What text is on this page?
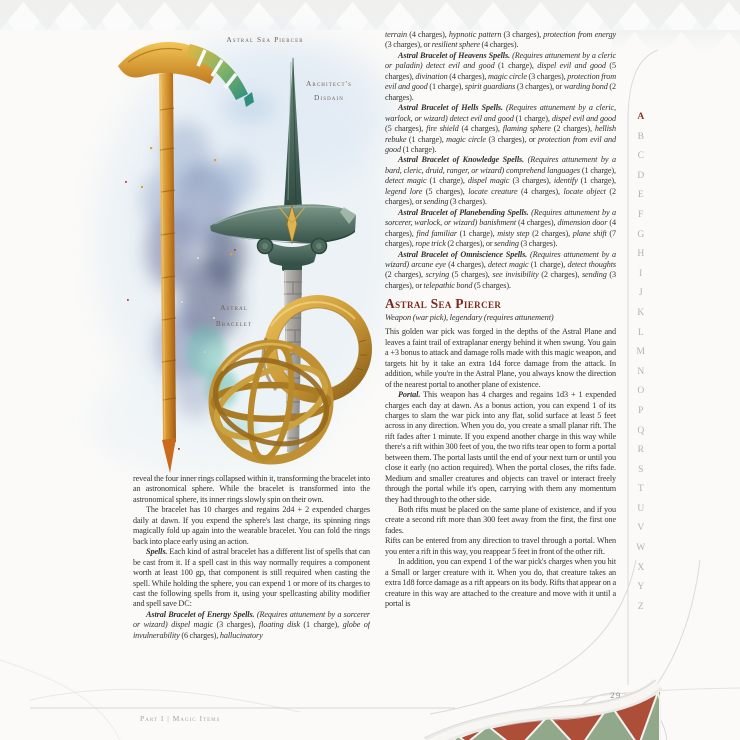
Astral Sea Piercer
Architect's
Disdain
Astral
Bracelet
A
B
C
D
E
F
G
H
I
J
K
L
M
N
O
P
Q
R
S
T
U
V
W
X
Y
Z

reveal the four inner rings collapsed within it, transforming the bracelet into an astronomical sphere. While the bracelet is transformed into the astronomical sphere, its inner rings slowly spin on their own.

The bracelet has 10 charges and regains 2d4 + 2 expended charges daily at dawn. If you expend the sphere's last charge, its spinning rings magically fold up again into the wearable bracelet. You can fold the rings back into place early using an action.

Spells. Each kind of astral bracelet has a different list of spells that can be cast from it. If a spell cast in this way normally requires a component worth at least 100 gp, that component is still required when casting the spell. While holding the sphere, you can expend 1 or more of its charges to cast the following spells from it, using your spellcasting ability modifier and spell save DC:

Astral Bracelet of Energy Spells. (Requires attunement by a sorcerer or wizard) dispel magic (3 charges), floating disk (1 charge), globe of invulnerability (6 charges), hallucinatory

terrain (4 charges), hypnotic pattern (3 charges), protection from energy (3 charges), or resilient sphere (4 charges).

Astral Bracelet of Heavens Spells. (Requires attunement by a cleric or paladin) detect evil and good (1 charge), dispel evil and good (5 charges), divination (4 charges), magic circle (3 charges), protection from evil and good (1 charge), spirit guardians (3 charges), or warding bond (2 charges).

Astral Bracelet of Hells Spells. (Requires attunement by a cleric, warlock, or wizard) detect evil and good (1 charge), dispel evil and good (5 charges), fire shield (4 charges), flaming sphere (2 charges), hellish rebuke (1 charge), magic circle (3 charges), or protection from evil and good (1 charge).

Astral Bracelet of Knowledge Spells. (Requires attunement by a bard, cleric, druid, ranger, or wizard) comprehend languages (1 charge), detect magic (1 charge), dispel magic (3 charges), identify (1 charge), legend lore (5 charges), locate creature (4 charges), locate object (2 charges), or sending (3 charges).

Astral Bracelet of Planebending Spells. (Requires attunement by a sorcerer, warlock, or wizard) banishment (4 charges), dimension door (4 charges), find familiar (1 charge), misty step (2 charges), plane shift (7 charges), rope trick (2 charges), or sending (3 charges).

Astral Bracelet of Omniscience Spells. (Requires attunement by a wizard) arcane eye (4 charges), detect magic (1 charge), detect thoughts (2 charges), scrying (5 charges), see invisibility (2 charges), sending (3 charges), or telepathic bond (5 charges).

Astral Sea Piercer

Weapon (war pick), legendary (requires attunement)

This golden war pick was forged in the depths of the Astral Plane and leaves a faint trail of extraplanar energy behind it when swung. You gain a +3 bonus to attack and damage rolls made with this magic weapon, and targets hit by it take an extra 1d4 force damage from the attack. In addition, while you're in the Astral Plane, you always know the direction of the nearest portal to another plane of existence.

Portal. This weapon has 4 charges and regains 1d3 + 1 expended charges each day at dawn. As a bonus action, you can expend 1 of its charges to slam the war pick into any flat, solid surface at least 5 feet across in any direction. When you do, you create a small planar rift. The rift fades after 1 minute. If you expend another charge in this way while there's a rift within 300 feet of you, the two rifts tear open to form a portal between them. The portal lasts until the end of your next turn or until you close it early (no action required). When the portal closes, the rifts fade. Medium and smaller creatures and objects can travel or interact freely through the portal while it's open, carrying with them any momentum they had through to the other side.

Both rifts must be placed on the same plane of existence, and if you create a second rift more than 300 feet away from the first, the first one fades.

Rifts can be entered from any direction to travel through a portal. When you enter a rift in this way, you reappear 5 feet in front of the other rift.

In addition, you can expend 1 of the war pick's charges when you hit a Small or larger creature with it. When you do, that creature takes an extra 1d8 force damage as a rift appears on its body. Rifts that appear on a creature in this way are attached to the creature and move with it until a portal is

Part I | Magic Items
29
